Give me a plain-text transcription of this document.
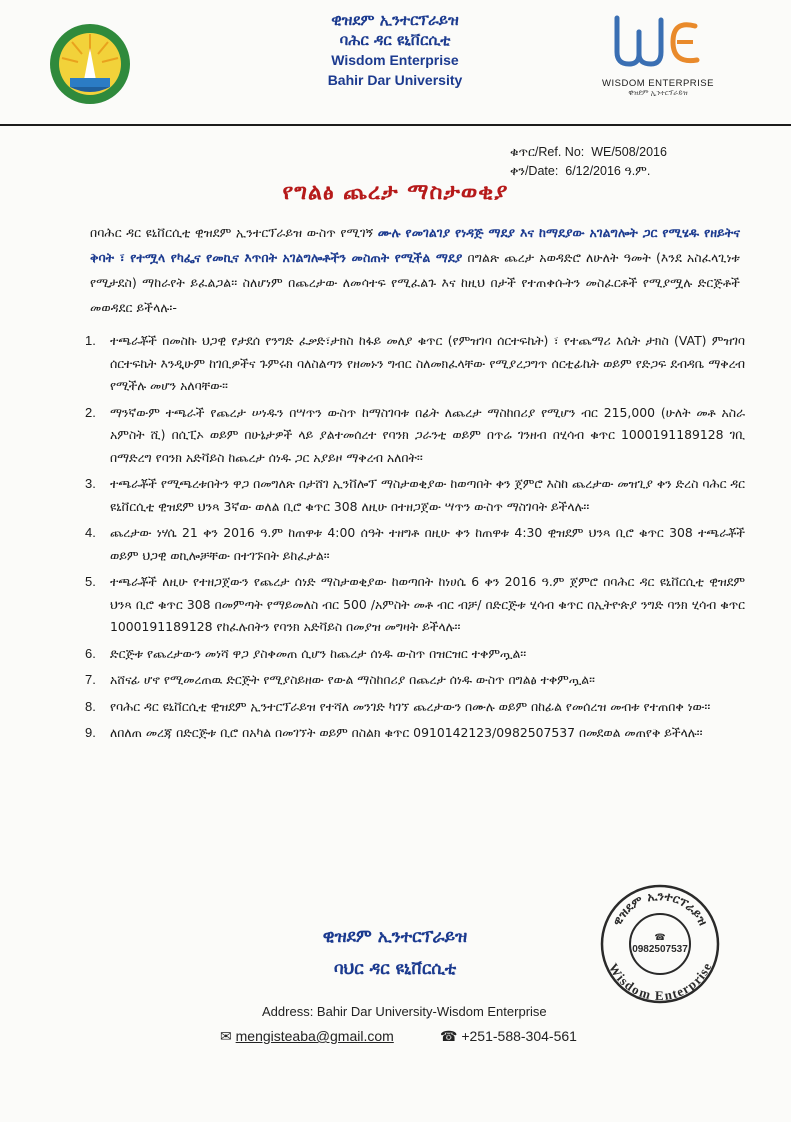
ዊዝደም ኢንተርፕራይዝ
ባሕር ዳር ዩኒቨርሲቲ
Wisdom Enterprise
Bahir Dar University	WISDOM ENTERPRISE
ዊዝደም ኢንተርፕራይዝ
ቁጥር/Ref. No: WE/508/2016
ቀን/Date: 6/12/2016 ዓ.ም.
የግልፅ ጨረታ ማስታወቂያ
በባሕር ዳር ዩኒቨርሲቲ ዊዝደም ኢንተርፕራይዝ ውስጥ የሚገኝ ሙሉ የመገልገያ የነዳጅ ማደያ እና ከማደያው አገልግሎት ጋር የሚሄዱ የዘይትና ቅባት ፣ የተሟላ የካፌና የመኪና እጥበት አገልግሎቶችን መስጠት የሚችል ማደያ በግልጽ ጨረታ አወዳድሮ ለሁለት ዓመት (እንደ አስፈላጊነቱ የሚታደስ) ማከራየት ይፈልጋል፡፡ ስለሆነም በጨረታው ለመሳተፍ የሚፈልጉ እና ከዚህ በታች የተጠቀሱትን መስፈርቶች የሚያሟሉ ድርጅቶች መወዳደር ይችላሉ፡-
1. ተጫራቾች በመስኩ ህጋዊ የታደሰ የንግድ ፈቃድ፣ታክስ ከፋይ መለያ ቁጥር (የምዝገባ ሰርተፍኬት) ፣ የተጨማሪ እሴት ታክስ (VAT) ምዝገባ ሰርተፍኬት እንዲሁም ከገቢዎችና ጉምሩክ ባለስልጣን የዘመኑን ግብር ስለመክፈላቸው የሚያረጋግጥ ሰርቲፊኬት ወይም የድጋፍ ደብዳቤ ማቅረብ የሚችሉ መሆን አለባቸው፡፡
2. ማንኛውም ተጫራች የጨረታ ሠነዱን በሣጥን ውስጥ ከማስገባቱ በፊት ለጨረታ ማስከበሪያ የሚሆን ብር 215,000 (ሁለት መቶ አስራ አምስት ሺ) በሲፒኦ ወይም በሁኔታዎች ላይ ያልተመሰረተ የባንክ ጋራንቲ ወይም በጥሬ ገንዘብ በሂሳብ ቁጥር 1000191189128 ገቢ በማድረግ የባንክ አድቫይስ ከጨረታ ሰነዱ ጋር አያይዞ ማቅረብ አለበት፡፡
3. ተጫራቾች የሚጫረቱበትን ዋጋ በመግለጽ በታሸገ ኢንቨሎፕ ማስታወቂያው ከወጣበት ቀን ጀምሮ እስከ ጨረታው መዝጊያ ቀን ድረስ ባሕር ዳር ዩኒቨርሲቲ ዊዝደም ህንጻ 3ኛው ወለል ቢሮ ቁጥር 308 ለዚሁ በተዘጋጀው ሣጥን ውስጥ ማስገባት ይችላሉ፡፡
4. ጨረታው ነሃሴ 21 ቀን 2016 ዓ.ም ከጠዋቱ 4:00 ሰዓት ተዘግቶ በዚሁ ቀን ከጠዋቱ 4:30 ዊዝደም ህንጻ ቢሮ ቁጥር 308 ተጫራቾች ወይም ህጋዊ ወኪሎቻቸው በተገኙበት ይከፈታል፡፡
5. ተጫራቾች ለዚሁ የተዘጋጀውን የጨረታ ሰነድ ማስታወቂያው ከወጣበት ከነሀሴ 6 ቀን 2016 ዓ.ም ጀምሮ በባሕር ዳር ዩኒቨርሲቲ ዊዝደም ህንጻ ቢሮ ቁጥር 308 በመምጣት የማይመለስ ብር 500 /አምስት መቶ ብር ብቻ/ በድርጅቱ ሂሳብ ቁጥር በኢትዮጵያ ንግድ ባንክ ሂሳብ ቁጥር 1000191189128 የከፈሉበትን የባንክ አድቫይስ በመያዝ መግዛት ይችላሉ፡፡
6. ድርጅቱ የጨረታውን መነሻ ዋጋ ያስቀመጠ ሲሆን ከጨረታ ሰነዱ ውስጥ በዝርዝር ተቀምጧል፡፡
7. አሸናፊ ሆኖ የሚመረጠዉ ድርጅት የሚያስይዘው የውል ማስከበሪያ በጨረታ ሰነዱ ውስጥ በግልፅ ተቀምጧል፡፡
8. የባሕር ዳር ዩኒቨርሲቲ ዊዝደም ኢንተርፕራይዝ የተሻለ መንገድ ካገኘ ጨረታውን በሙሉ ወይም በከፊል የመሰረዝ መብቱ የተጠበቀ ነው፡፡
9. ለበለጠ መረጃ በድርጅቱ ቢሮ በአካል በመገኘት ወይም በስልክ ቁጥር 0910142123/0982507537 በመደወል መጠየቅ ይችላሉ፡፡
ዊዝደም ኢንተርፕራይዝ
ባህር ዳር ዩኒቨርሲቲ
ዊዝደም ኢንተርፕራይዝ
Wisdom Enterprise
☎
0982507537
Address: Bahir Dar University-Wisdom Enterprise
✉ mengisteaba@gmail.com	☎ +251-588-304-561
